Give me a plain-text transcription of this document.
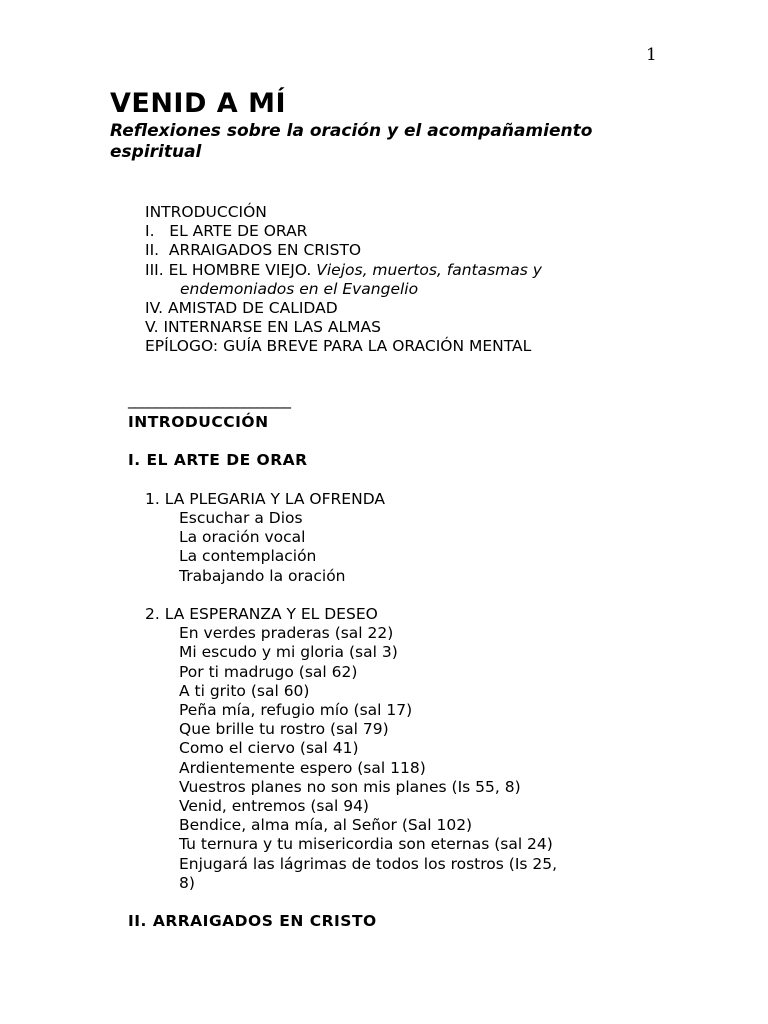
1
VENID A MÍ

Reflexiones sobre la oración y el acompañamiento espiritual

INTRODUCCIÓN
I.   EL ARTE DE ORAR
II.  ARRAIGADOS EN CRISTO
III. EL HOMBRE VIEJO. Viejos, muertos, fantasmas y
endemoniados en el Evangelio
IV. AMISTAD DE CALIDAD
V. INTERNARSE EN LAS ALMAS
EPÍLOGO: GUÍA BREVE PARA LA ORACIÓN MENTAL
________________________
INTRODUCCIÓN
I. EL ARTE DE ORAR
1. LA PLEGARIA Y LA OFRENDA
Escuchar a Dios
La oración vocal
La contemplación
Trabajando la oración
2. LA ESPERANZA Y EL DESEO
En verdes praderas (sal 22)
Mi escudo y mi gloria (sal 3)
Por ti madrugo (sal 62)
A ti grito (sal 60)
Peña mía, refugio mío (sal 17)
Que brille tu rostro (sal 79)
Como el ciervo (sal 41)
Ardientemente espero (sal 118)
Vuestros planes no son mis planes (Is 55, 8)
Venid, entremos (sal 94)
Bendice, alma mía, al Señor (Sal 102)
Tu ternura y tu misericordia son eternas (sal 24)
Enjugará las lágrimas de todos los rostros (Is 25,
8)
II. ARRAIGADOS EN CRISTO
